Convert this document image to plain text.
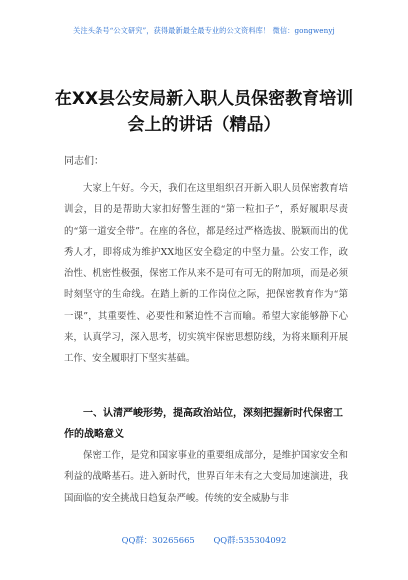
关注头条号“公文研究”，获得最新最全最专业的公文资料库！ 微信：gongwenyj
在XX县公安局新入职人员保密教育培训会上的讲话（精品）
同志们：
大家上午好。今天，我们在这里组织召开新入职人员保密教育培训会，目的是帮助大家扣好警生涯的“第一粒扣子”，系好履职尽责的“第一道安全带”。在座的各位，都是经过严格选拔、脱颖而出的优秀人才，即将成为维护XX地区安全稳定的中坚力量。公安工作，政治性、机密性极强，保密工作从来不是可有可无的附加项，而是必须时刻坚守的生命线。在踏上新的工作岗位之际，把保密教育作为“第一课”，其重要性、必要性和紧迫性不言而喻。希望大家能够静下心来，认真学习，深入思考，切实筑牢保密思想防线，为将来顺利开展工作、安全履职打下坚实基础。
一、认清严峻形势，提高政治站位，深刻把握新时代保密工作的战略意义
保密工作，是党和国家事业的重要组成部分，是维护国家安全和利益的战略基石。进入新时代，世界百年未有之大变局加速演进，我国面临的安全挑战日趋复杂严峻。传统的安全威胁与非
QQ群：30265665 QQ群:535304092
